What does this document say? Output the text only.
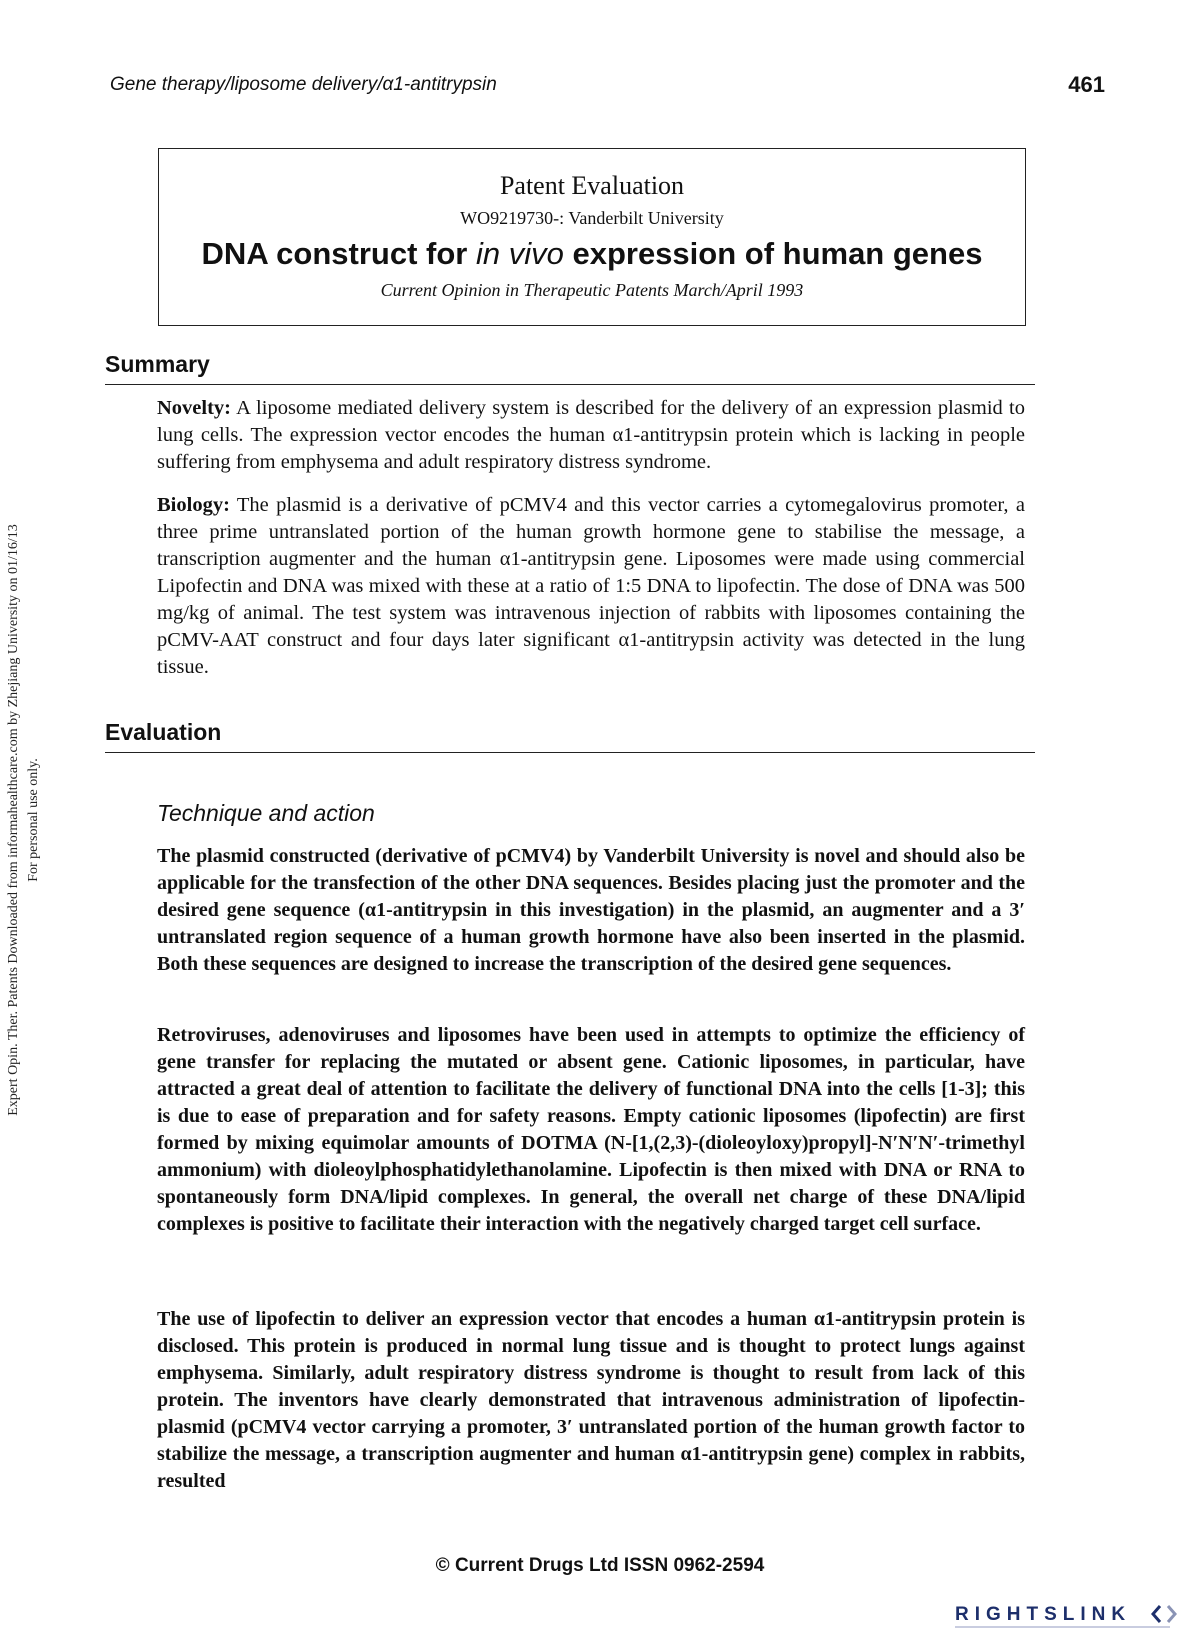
Gene therapy/liposome delivery/α1-antitrypsin	461
Expert Opin. Ther. Patents Downloaded from informahealthcare.com by Zhejiang University on 01/16/13 For personal use only.
Patent Evaluation
WO9219730-: Vanderbilt University
DNA construct for in vivo expression of human genes
Current Opinion in Therapeutic Patents March/April 1993
Summary

Novelty: A liposome mediated delivery system is described for the delivery of an expression plasmid to lung cells. The expression vector encodes the human α1-antitrypsin protein which is lacking in people suffering from emphysema and adult respiratory distress syndrome.

Biology: The plasmid is a derivative of pCMV4 and this vector carries a cytomegalovirus promoter, a three prime untranslated portion of the human growth hormone gene to stabilise the message, a transcription augmenter and the human α1-antitrypsin gene. Liposomes were made using commercial Lipofectin and DNA was mixed with these at a ratio of 1:5 DNA to lipofectin. The dose of DNA was 500 mg/kg of animal. The test system was intravenous injection of rabbits with liposomes containing the pCMV-AAT construct and four days later significant α1-antitrypsin activity was detected in the lung tissue.

Evaluation
Technique and action

The plasmid constructed (derivative of pCMV4) by Vanderbilt University is novel and should also be applicable for the transfection of the other DNA sequences. Besides placing just the promoter and the desired gene sequence (α1-antitrypsin in this investigation) in the plasmid, an augmenter and a 3′ untranslated region sequence of a human growth hormone have also been inserted in the plasmid. Both these sequences are designed to increase the transcription of the desired gene sequences.

Retroviruses, adenoviruses and liposomes have been used in attempts to optimize the efficiency of gene transfer for replacing the mutated or absent gene. Cationic liposomes, in particular, have attracted a great deal of attention to facilitate the delivery of functional DNA into the cells [1-3]; this is due to ease of preparation and for safety reasons. Empty cationic liposomes (lipofectin) are first formed by mixing equimolar amounts of DOTMA (N-[1,(2,3)-(dioleoyloxy)propyl]-N′N′N′-trimethyl ammonium) with dioleoylphosphatidylethanolamine. Lipofectin is then mixed with DNA or RNA to spontaneously form DNA/lipid complexes. In general, the overall net charge of these DNA/lipid complexes is positive to facilitate their interaction with the negatively charged target cell surface.

The use of lipofectin to deliver an expression vector that encodes a human α1-antitrypsin protein is disclosed. This protein is produced in normal lung tissue and is thought to protect lungs against emphysema. Similarly, adult respiratory distress syndrome is thought to result from lack of this protein. The inventors have clearly demonstrated that intravenous administration of lipofectin-plasmid (pCMV4 vector carrying a promoter, 3′ untranslated portion of the human growth factor to stabilize the message, a transcription augmenter and human α1-antitrypsin gene) complex in rabbits, resulted

© Current Drugs Ltd ISSN 0962-2594
RIGHTSLINK
